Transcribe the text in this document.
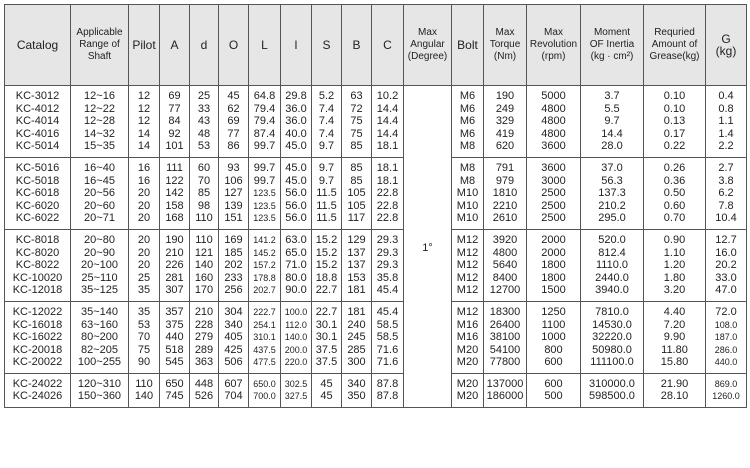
Catalog	Applicable
Range of
Shaft	Pilot	A	d	O	L	l	S	B	C	Max
Angular
(Degree)	Bolt	Max
Torque
(Nm)	Max
Revolution
(rpm)	Moment
OF Inertia
(kg · cm²)	Requried
Amount of
Grease(kg)	G
(kg)
KC-3012	12~16	12	69	25	45	64.8	29.8	5.2	63	10.2	1°	M6	190	5000	3.7	0.10	0.4
KC-4012	12~22	12	77	33	62	79.4	36.0	7.4	72	14.4		M6	249	4800	5.5	0.10	0.8
KC-4014	12~28	12	84	43	69	79.4	36.0	7.4	75	14.4		M6	329	4800	9.7	0.13	1.1
KC-4016	14~32	14	92	48	77	87.4	40.0	7.4	75	14.4		M6	419	4800	14.4	0.17	1.4
KC-5014	15~35	14	101	53	86	99.7	45.0	9.7	85	18.1		M8	620	3600	28.0	0.22	2.2
KC-5016	16~40	16	111	60	93	99.7	45.0	9.7	85	18.1		M8	791	3600	37.0	0.26	2.7
KC-5018	16~45	16	122	70	106	99.7	45.0	9.7	85	18.1		M8	979	3000	56.3	0.36	3.8
KC-6018	20~56	20	142	85	127	123.5	56.0	11.5	105	22.8		M10	1810	2500	137.3	0.50	6.2
KC-6020	20~60	20	158	98	139	123.5	56.0	11.5	105	22.8		M10	2210	2500	210.2	0.60	7.8
KC-6022	20~71	20	168	110	151	123.5	56.0	11.5	117	22.8		M10	2610	2500	295.0	0.70	10.4
KC-8018	20~80	20	190	110	169	141.2	63.0	15.2	129	29.3		M12	3920	2000	520.0	0.90	12.7
KC-8020	20~90	20	210	121	185	145.2	65.0	15.2	137	29.3		M12	4800	2000	812.4	1.10	16.0
KC-8022	20~100	20	226	140	202	157.2	71.0	15.2	137	29.3		M12	5640	1800	1110.0	1.20	20.2
KC-10020	25~110	25	281	160	233	178.8	80.0	18.8	153	35.8		M12	8400	1800	2440.0	1.80	33.0
KC-12018	35~125	35	307	170	256	202.7	90.0	22.7	181	45.4		M12	12700	1500	3940.0	3.20	47.0
KC-12022	35~140	35	357	210	304	222.7	100.0	22.7	181	45.4		M12	18300	1250	7810.0	4.40	72.0
KC-16018	63~160	53	375	228	340	254.1	112.0	30.1	240	58.5		M16	26400	1100	14530.0	7.20	108.0
KC-16022	80~200	70	440	279	405	310.1	140.0	30.1	245	58.5		M16	38100	1000	32220.0	9.90	187.0
KC-20018	82~205	75	518	289	425	437.5	200.0	37.5	285	71.6		M20	54100	800	50980.0	11.80	286.0
KC-20022	100~255	90	545	363	506	477.5	220.0	37.5	300	71.6		M20	77800	600	111100.0	15.80	440.0
KC-24022	120~310	110	650	448	607	650.0	302.5	45	340	87.8		M20	137000	600	310000.0	21.90	869.0
KC-24026	150~360	140	745	526	704	700.0	327.5	45	350	87.8		M20	186000	500	598500.0	28.10	1260.0
